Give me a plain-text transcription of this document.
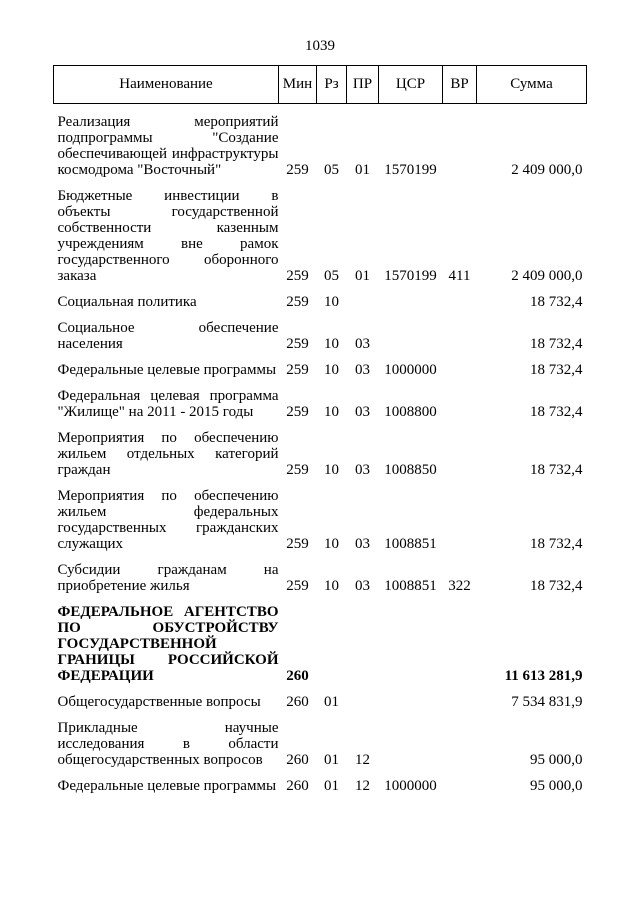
1039
Наименование	Мин	Рз	ПР	ЦСР	ВР	Сумма

Реализация мероприятий подпрограммы "Создание обеспечивающей инфраструктуры космодрома "Восточный"	259	05	01	1570199		2 409 000,0

Бюджетные инвестиции в объекты государственной собственности казенным учреждениям вне рамок государственного оборонного заказа	259	05	01	1570199	411	2 409 000,0

Социальная политика	259	10				18 732,4

Социальное обеспечение населения	259	10	03			18 732,4

Федеральные целевые программы	259	10	03	1000000		18 732,4

Федеральная целевая программа "Жилище" на 2011 - 2015 годы	259	10	03	1008800		18 732,4

Мероприятия по обеспечению жильем отдельных категорий граждан	259	10	03	1008850		18 732,4

Мероприятия по обеспечению жильем федеральных государственных гражданских служащих	259	10	03	1008851		18 732,4

Субсидии гражданам на приобретение жилья	259	10	03	1008851	322	18 732,4

ФЕДЕРАЛЬНОЕ АГЕНТСТВО ПО ОБУСТРОЙСТВУ ГОСУДАРСТВЕННОЙ ГРАНИЦЫ РОССИЙСКОЙ ФЕДЕРАЦИИ	260					11 613 281,9

Общегосударственные вопросы	260	01				7 534 831,9

Прикладные научные исследования в области общегосударственных вопросов	260	01	12			95 000,0

Федеральные целевые программы	260	01	12	1000000		95 000,0
